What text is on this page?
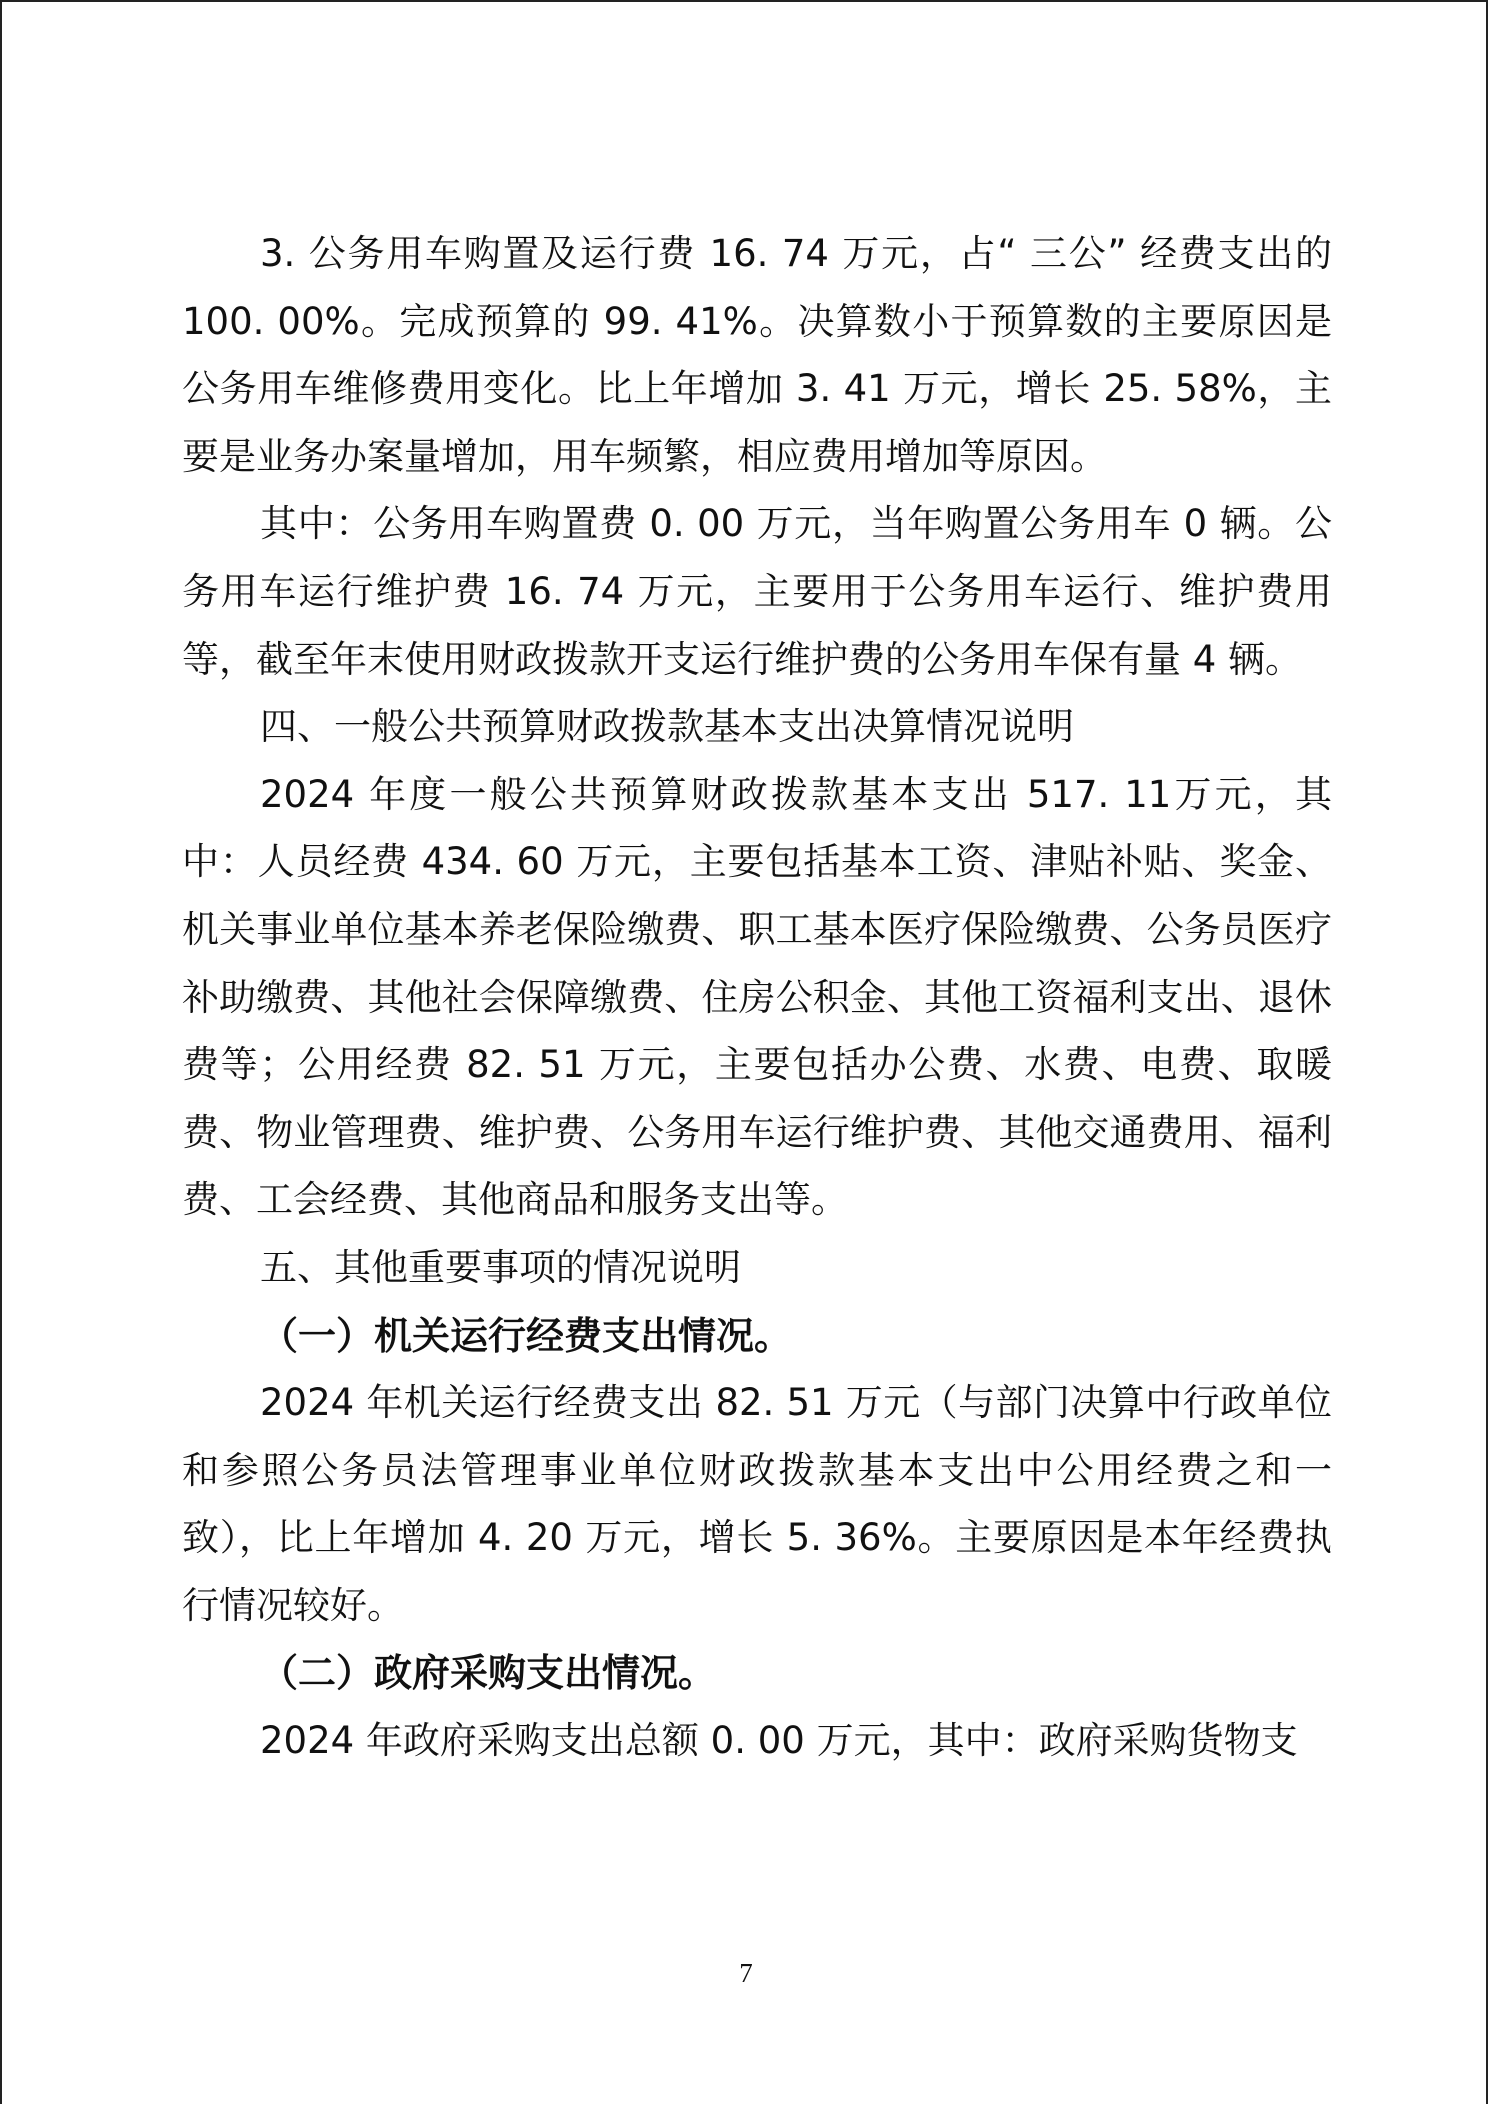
3. 公务用车购置及运行费 16. 74 万元，占“ 三公” 经费支出的 100. 00%。完成预算的 99. 41%。决算数小于预算数的主要原因是公务用车维修费用变化。比上年增加 3. 41 万元，增长 25. 58%，主要是业务办案量增加，用车频繁，相应费用增加等原因。

其中：公务用车购置费 0. 00 万元，当年购置公务用车 0 辆。公务用车运行维护费 16. 74 万元，主要用于公务用车运行、维护费用等，截至年末使用财政拨款开支运行维护费的公务用车保有量 4 辆。

四、一般公共预算财政拨款基本支出决算情况说明

2024 年度一般公共预算财政拨款基本支出 517. 11万元，其中：人员经费 434. 60 万元，主要包括基本工资、津贴补贴、奖金、机关事业单位基本养老保险缴费、职工基本医疗保险缴费、公务员医疗补助缴费、其他社会保障缴费、住房公积金、其他工资福利支出、退休费等；公用经费 82. 51 万元，主要包括办公费、水费、电费、取暖费、物业管理费、维护费、公务用车运行维护费、其他交通费用、福利费、工会经费、其他商品和服务支出等。

五、其他重要事项的情况说明

（一）机关运行经费支出情况。

2024 年机关运行经费支出 82. 51 万元（与部门决算中行政单位和参照公务员法管理事业单位财政拨款基本支出中公用经费之和一致），比上年增加 4. 20 万元，增长 5. 36%。主要原因是本年经费执行情况较好。

（二）政府采购支出情况。

2024 年政府采购支出总额 0. 00 万元，其中：政府采购货物支

7
